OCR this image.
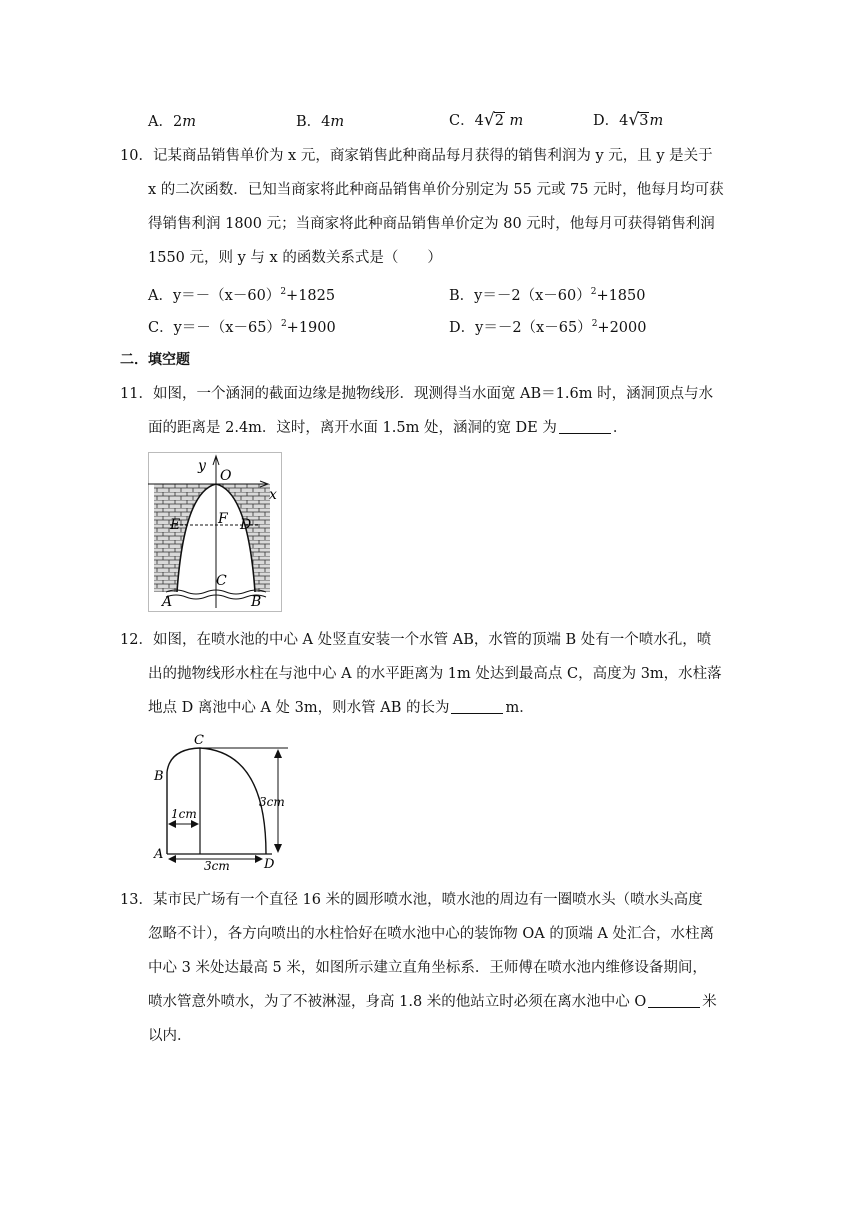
A．2m	B．4m	C．4√2 m	D．4√3m
10．记某商品销售单价为 x 元，商家销售此种商品每月获得的销售利润为 y 元，且 y 是关于
x 的二次函数．已知当商家将此种商品销售单价分别定为 55 元或 75 元时，他每月均可获
得销售利润 1800 元；当商家将此种商品销售单价定为 80 元时，他每月可获得销售利润
1550 元，则 y 与 x 的函数关系式是（　　）
A．$y=-(x-60)^2+1825$	B．$y=-2(x-60)^2+1850$
C．$y=-(x-65)^2+1900$	D．$y=-2(x-65)^2+2000$
二．填空题
11．如图，一个涵洞的截面边缘是抛物线形．现测得当水面宽 AB＝1.6m 时，涵洞顶点与水
面的距离是 2.4m．这时，离开水面 1.5m 处，涵洞的宽 DE 为	．
y
O
x
E	F D
C
A	B
12．如图，在喷水池的中心 A 处竖直安装一个水管 AB，水管的顶端 B 处有一个喷水孔，喷
出的抛物线形水柱在与池中心 A 的水平距离为 1m 处达到最高点 C，高度为 3m，水柱落
地点 D 离池中心 A 处 3m，则水管 AB 的长为	m．
C
B
A
D
3cm
1cm
3cm
13．某市民广场有一个直径 16 米的圆形喷水池，喷水池的周边有一圈喷水头（喷水头高度
忽略不计），各方向喷出的水柱恰好在喷水池中心的装饰物 OA 的顶端 A 处汇合，水柱离
中心 3 米处达最高 5 米，如图所示建立直角坐标系．王师傅在喷水池内维修设备期间，
喷水管意外喷水，为了不被淋湿，身高 1.8 米的他站立时必须在离水池中心 O	米
以内．
